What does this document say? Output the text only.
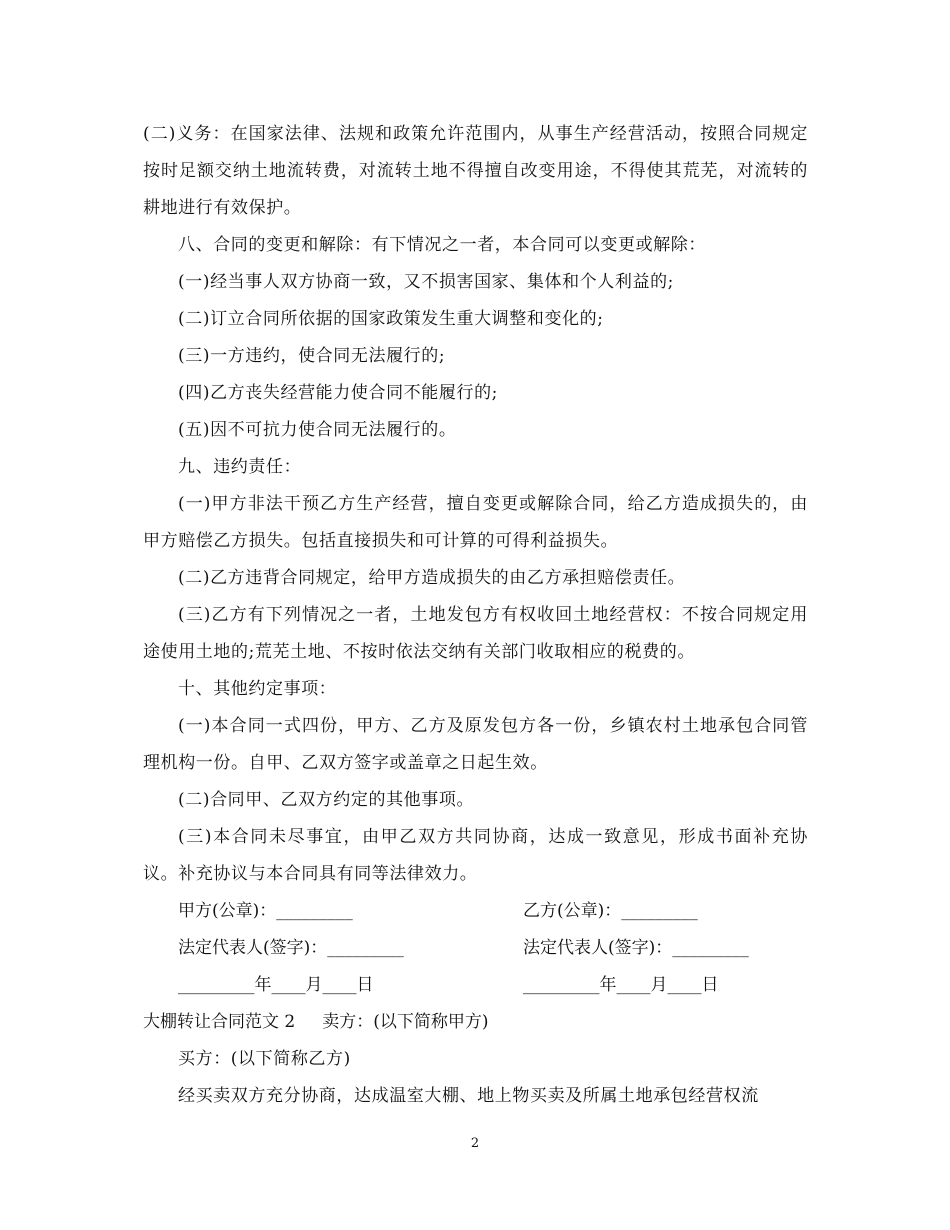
(二)义务：在国家法律、法规和政策允许范围内，从事生产经营活动，按照合同规定按时足额交纳土地流转费，对流转土地不得擅自改变用途，不得使其荒芜，对流转的耕地进行有效保护。

八、合同的变更和解除：有下情况之一者，本合同可以变更或解除：

(一)经当事人双方协商一致，又不损害国家、集体和个人利益的;

(二)订立合同所依据的国家政策发生重大调整和变化的;

(三)一方违约，使合同无法履行的;

(四)乙方丧失经营能力使合同不能履行的;

(五)因不可抗力使合同无法履行的。

九、违约责任：

(一)甲方非法干预乙方生产经营，擅自变更或解除合同，给乙方造成损失的，由甲方赔偿乙方损失。包括直接损失和可计算的可得利益损失。

(二)乙方违背合同规定，给甲方造成损失的由乙方承担赔偿责任。

(三)乙方有下列情况之一者，土地发包方有权收回土地经营权：不按合同规定用途使用土地的;荒芜土地、不按时依法交纳有关部门收取相应的税费的。

十、其他约定事项：

(一)本合同一式四份，甲方、乙方及原发包方各一份，乡镇农村土地承包合同管理机构一份。自甲、乙双方签字或盖章之日起生效。

(二)合同甲、乙双方约定的其他事项。

(三)本合同未尽事宜，由甲乙双方共同协商，达成一致意见，形成书面补充协议。补充协议与本合同具有同等法律效力。

甲方(公章)：_________	乙方(公章)：_________
法定代表人(签字)：_________	法定代表人(签字)：_________
_________年____月____日	_________年____月____日

大棚转让合同范文 2     卖方：(以下简称甲方)

买方：(以下简称乙方)

经买卖双方充分协商，达成温室大棚、地上物买卖及所属土地承包经营权流

2
